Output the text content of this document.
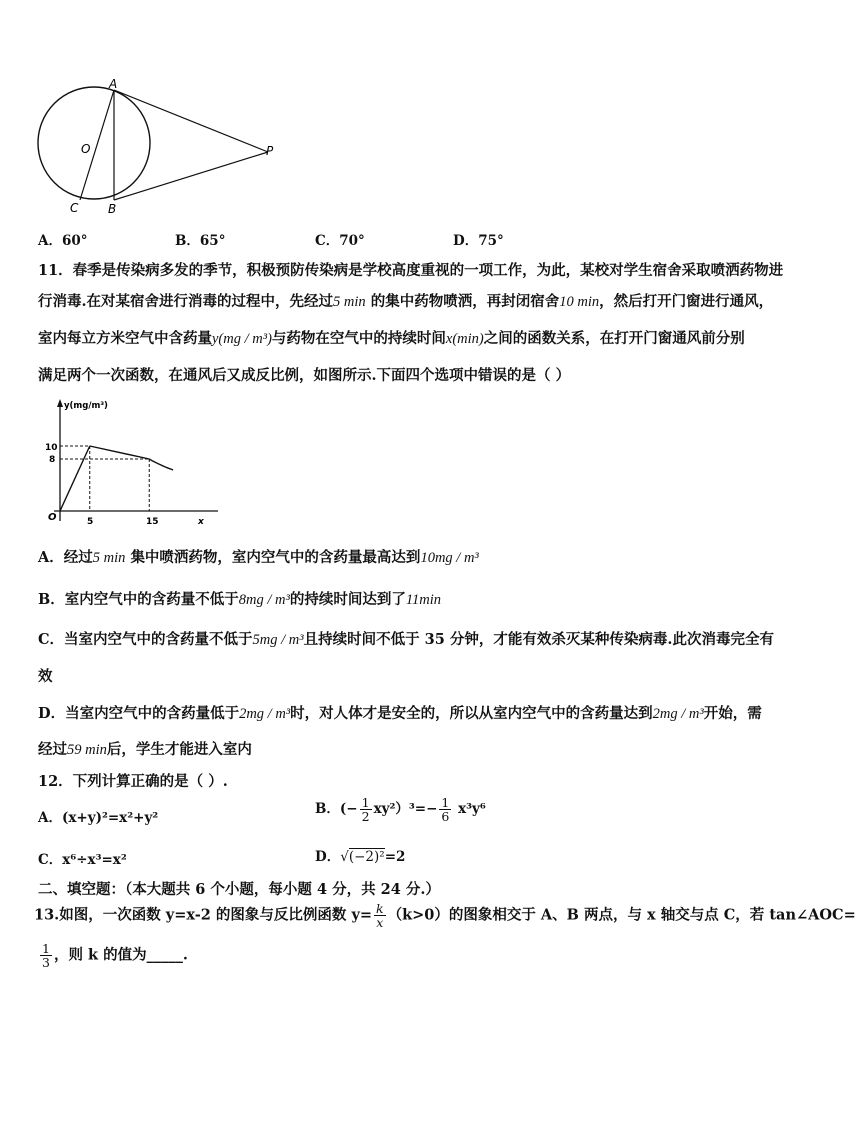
A
O	P
C B
A．60°	B．65°	C．70°	D．75°
11．春季是传染病多发的季节，积极预防传染病是学校高度重视的一项工作，为此，某校对学生宿舍采取喷洒药物进
行消毒.在对某宿舍进行消毒的过程中，先经过5 min 的集中药物喷洒，再封闭宿舍10 min，然后打开门窗进行通风，
室内每立方米空气中含药量y(mg / m³)与药物在空气中的持续时间x(min)之间的函数关系，在打开门窗通风前分别
满足两个一次函数，在通风后又成反比例，如图所示.下面四个选项中错误的是（ ）
y(mg/m³)
x
O
10
8
5	15
A．经过5 min 集中喷洒药物，室内空气中的含药量最高达到10mg / m³
B．室内空气中的含药量不低于8mg / m³的持续时间达到了11min
C．当室内空气中的含药量不低于5mg / m³且持续时间不低于 35 分钟，才能有效杀灭某种传染病毒.此次消毒完全有
效
D．当室内空气中的含药量低于2mg / m³时，对人体才是安全的，所以从室内空气中的含药量达到2mg / m³开始，需
经过59 min后，学生才能进入室内
12．下列计算正确的是（ ）.
A．(x+y)²=x²+y²
B．(− $\frac{1}{2} xy^2)^3=- \frac{1}{6} x^3y^6$
C．x⁶÷x³=x²	D．√(−2)²=2
二、填空题：（本大题共 6 个小题，每小题 4 分，共 24 分.）
13.如图，一次函数 y=x-2 的图象与反比例函数 $y= \frac{k}{x} (k>0)$的图象相交于 A、B 两点，与 x 轴交与点 C，若 tan∠AOC=
$\frac{1}{3}$ ，则 k 的值为_____.
